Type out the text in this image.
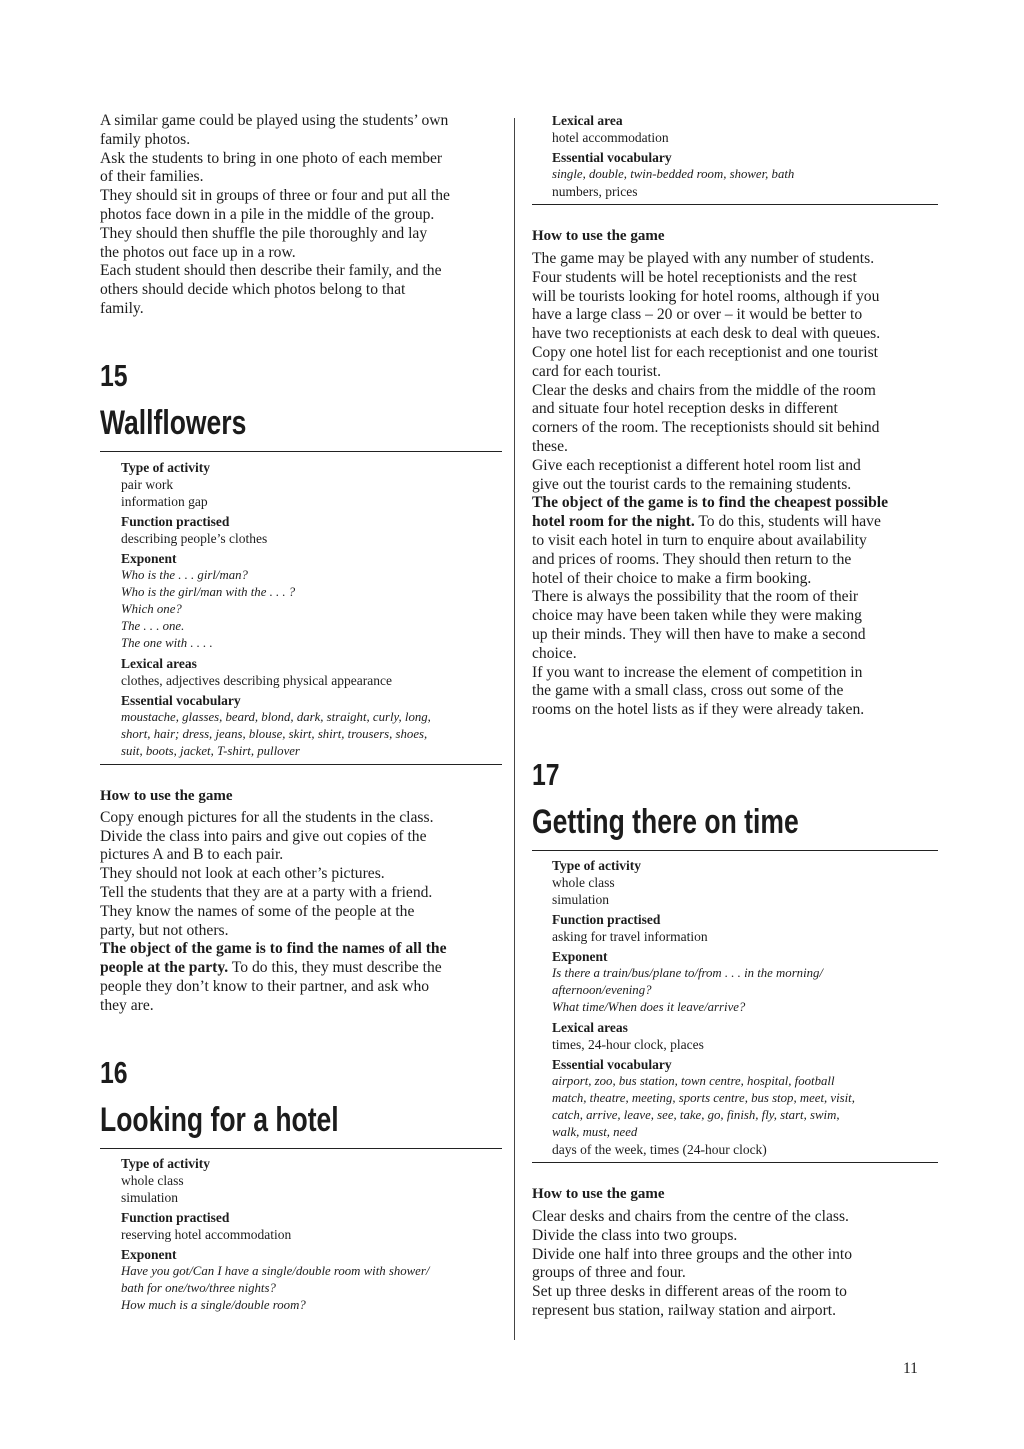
A similar game could be played using the students’ own

family photos.

Ask the students to bring in one photo of each member

of their families.

They should sit in groups of three or four and put all the

photos face down in a pile in the middle of the group.

They should then shuffle the pile thoroughly and lay

the photos out face up in a row.

Each student should then describe their family, and the

others should decide which photos belong to that

family.

15
Wallflowers

Type of activity

pair work

information gap

Function practised

describing people’s clothes

Exponent

Who is the . . . girl/man?

Who is the girl/man with the . . . ?

Which one?

The . . . one.

The one with . . . .

Lexical areas

clothes, adjectives describing physical appearance

Essential vocabulary

moustache, glasses, beard, blond, dark, straight, curly, long,

short, hair; dress, jeans, blouse, skirt, shirt, trousers, shoes,

suit, boots, jacket, T-shirt, pullover

How to use the game

Copy enough pictures for all the students in the class.

Divide the class into pairs and give out copies of the

pictures A and B to each pair.

They should not look at each other’s pictures.

Tell the students that they are at a party with a friend.

They know the names of some of the people at the

party, but not others.

The object of the game is to find the names of all the

people at the party. To do this, they must describe the

people they don’t know to their partner, and ask who

they are.

16
Looking for a hotel

Type of activity

whole class

simulation

Function practised

reserving hotel accommodation

Exponent

Have you got/Can I have a single/double room with shower/

bath for one/two/three nights?

How much is a single/double room?

Lexical area

hotel accommodation

Essential vocabulary

single, double, twin-bedded room, shower, bath

numbers, prices

How to use the game

The game may be played with any number of students.

Four students will be hotel receptionists and the rest

will be tourists looking for hotel rooms, although if you

have a large class – 20 or over – it would be better to

have two receptionists at each desk to deal with queues.

Copy one hotel list for each receptionist and one tourist

card for each tourist.

Clear the desks and chairs from the middle of the room

and situate four hotel reception desks in different

corners of the room. The receptionists should sit behind

these.

Give each receptionist a different hotel room list and

give out the tourist cards to the remaining students.

The object of the game is to find the cheapest possible

hotel room for the night. To do this, students will have

to visit each hotel in turn to enquire about availability

and prices of rooms. They should then return to the

hotel of their choice to make a firm booking.

There is always the possibility that the room of their

choice may have been taken while they were making

up their minds. They will then have to make a second

choice.

If you want to increase the element of competition in

the game with a small class, cross out some of the

rooms on the hotel lists as if they were already taken.

17
Getting there on time

Type of activity

whole class

simulation

Function practised

asking for travel information

Exponent

Is there a train/bus/plane to/from . . . in the morning/

afternoon/evening?

What time/When does it leave/arrive?

Lexical areas

times, 24-hour clock, places

Essential vocabulary

airport, zoo, bus station, town centre, hospital, football

match, theatre, meeting, sports centre, bus stop, meet, visit,

catch, arrive, leave, see, take, go, finish, fly, start, swim,

walk, must, need

days of the week, times (24-hour clock)

How to use the game

Clear desks and chairs from the centre of the class.

Divide the class into two groups.

Divide one half into three groups and the other into

groups of three and four.

Set up three desks in different areas of the room to

represent bus station, railway station and airport.

11
